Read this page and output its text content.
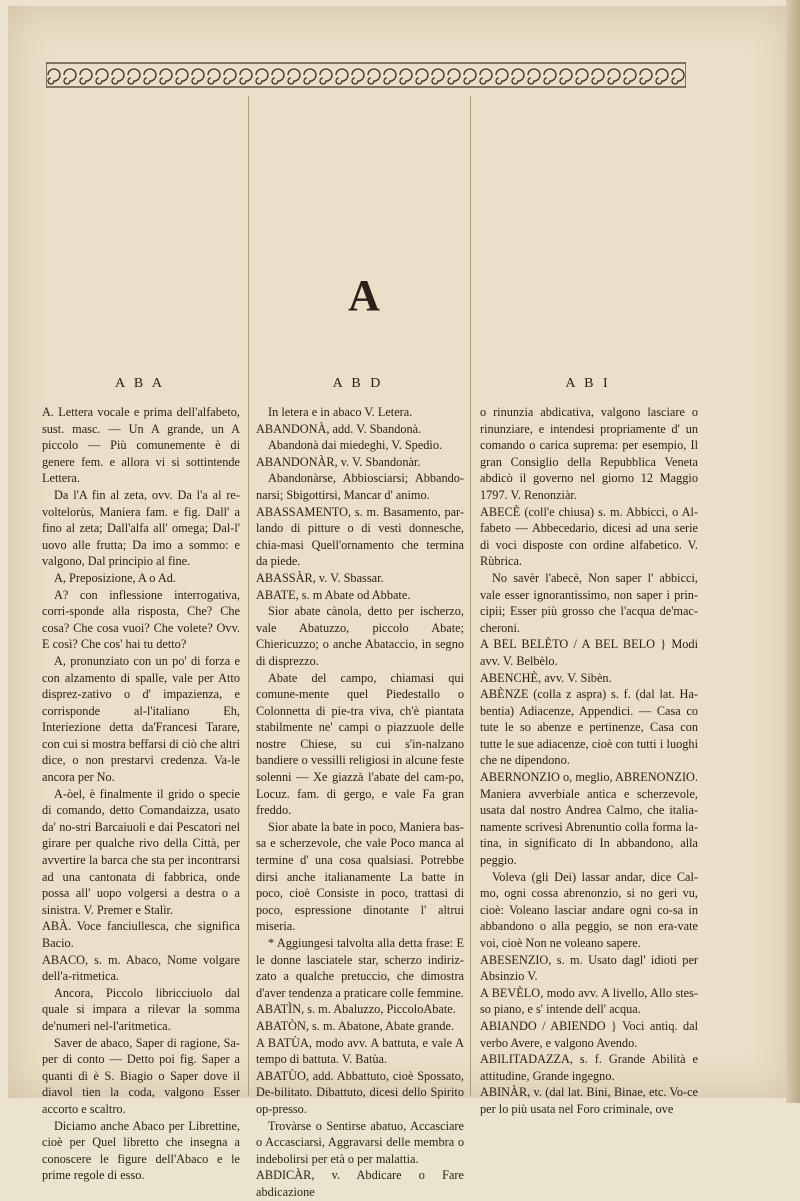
A
A B A	A B D	A B I

A. Lettera vocale e prima dell'alfabeto, sust. masc. — Un A grande, un A piccolo — Più comunemente è di genere fem. e allora vi si sottintende Lettera.

Da l'A fin al zeta, ovv. Da l'a al re-voltelorùs, Maniera fam. e fig. Dall' a fino al zeta; Dall'alfa all' omega; Dal-l' uovo alle frutta; Da imo a sommo: e valgono, Dal principio al fine.

A, Preposizione, A o Ad.

A? con inflessione interrogativa, corri-sponde alla risposta, Che? Che cosa? Che cosa vuoi? Che volete? Ovv. E così? Che cos' hai tu detto?

A, pronunziato con un po' di forza e con alzamento di spalle, vale per Atto disprez-zativo o d' impazienza, e corrisponde al-l'italiano Eh, Interiezione detta da'Francesi Tarare, con cui si mostra beffarsi di ciò che altri dice, o non prestarvi credenza. Va-le ancora per No.

A-òel, è finalmente il grido o specie di comando, detto Comandaizza, usato da' no-stri Barcaiuoli e dai Pescatori nel girare per qualche rivo della Città, per avvertire la barca che sta per incontrarsi ad una cantonata di fabbrica, onde possa all' uopo volgersi a destra o a sinistra. V. Premer e Stalìr.

ABÀ. Voce fanciullesca, che significa Bacio.

ABACO, s. m. Abaco, Nome volgare dell'a-ritmetica.

Ancora, Piccolo libricciuolo dal quale si impara a rilevar la somma de'numeri nel-l'aritmetica.

Saver de abaco, Saper di ragione, Sa-per di conto — Detto poi fig. Saper a quanti dì è S. Biagio o Saper dove il diavol tien la coda, valgono Esser accorto e scaltro.

Diciamo anche Abaco per Librettine, cioè per Quel libretto che insegna a conoscere le figure dell'Abaco e le prime regole di esso.

In letera e in abaco V. Letera.

ABANDONÀ, add. V. Sbandonà.

Abandonà dai miedeghi, V. Spedìo.

ABANDONÀR, v. V. Sbandonàr.

Abandonàrse, Abbiosciarsi; Abbando-narsi; Sbigottirsi, Mancar d' animo.

ABASSAMENTO, s. m. Basamento, par-lando di pitture o di vesti donnesche, chia-masi Quell'ornamento che termina da piede.

ABASSÀR, v. V. Sbassar.

ABATE, s. m Abate od Abbate.

Sior abate cànola, detto per ischerzo, vale Abatuzzo, piccolo Abate; Chiericuzzo; o anche Abataccio, in segno di disprezzo.

Abate del campo, chiamasi qui comune-mente quel Piedestallo o Colonnetta di pie-tra viva, ch'è piantata stabilmente ne' campi o piazzuole delle nostre Chiese, su cui s'in-nalzano bandiere o vessilli religiosi in alcune feste solenni — Xe giazzà l'abate del cam-po, Locuz. fam. di gergo, e vale Fa gran freddo.

Sior abate la bate in poco, Maniera bas-sa e scherzevole, che vale Poco manca al termine d' una cosa qualsiasi. Potrebbe dirsi anche italianamente La batte in poco, cioè Consiste in poco, trattasi di poco, espressione dinotante l' altrui miseria.

* Aggiungesi talvolta alla detta frase: E le donne lasciatele star, scherzo indiriz-zato a qualche pretuccio, che dimostra d'aver tendenza a praticare colle femmine.

ABATÌN, s. m. Abaluzzo, PiccoloAbate.

ABATÒN, s. m. Abatone, Abate grande.

A BATÙA, modo avv. A battuta, e vale A tempo di battuta. V. Batùa.

ABATÙO, add. Abbattuto, cioè Spossato, De-bilitato. Dibattuto, dicesi dello Spirito op-presso.

Trovàrse o Sentirse abatuo, Accasciare o Accasciarsi, Aggravarsi delle membra o indebolirsi per età o per malattia.

ABDICÀR, v. Abdicare o Fare abdicazione

o rinunzia abdicativa, valgono lasciare o rinunziare, e intendesi propriamente d' un comando o carica suprema: per esempio, Il gran Consiglio della Repubblica Veneta abdicò il governo nel giorno 12 Maggio 1797. V. Renonziàr.

ABECÈ (coll'e chiusa) s. m. Abbicci, o Al-fabeto — Abbecedario, dicesi ad una serie di voci disposte con ordine alfabetico. V. Rùbrica.

No savèr l'abecè, Non saper l' abbicci, vale esser ignorantissimo, non saper i prin-cipii; Esser più grosso che l'acqua de'mac-cheroni.

A BEL BELÈTO / A BEL BELO } Modi avv. V. Belbèlo.

ABENCHÈ, avv. V. Sibèn.

ABÈNZE (colla z aspra) s. f. (dal lat. Ha-bentia) Adiacenze, Appendici. — Casa co tute le so abenze e pertinenze, Casa con tutte le sue adiacenze, cioè con tutti i luoghi che ne dipendono.

ABERNONZIO o, meglio, ABRENONZIO. Maniera avverbiale antica e scherzevole, usata dal nostro Andrea Calmo, che italia-namente scrivesi Abrenuntio colla forma la-tina, in significato di In abbandono, alla peggio.

Voleva (gli Dei) lassar andar, dice Cal-mo, ogni cossa abrenonzio, si no geri vu, cioè: Voleano lasciar andare ogni co-sa in abbandono o alla peggio, se non era-vate voi, cioè Non ne voleano sapere.

ABESENZIO, s. m. Usato dagl' idioti per Absinzio V.

A BEVÈLO, modo avv. A livello, Allo stes-so piano, e s' intende dell' acqua.

ABIANDO / ABIENDO } Voci antiq. dal verbo Avere, e valgono Avendo.

ABILITADAZZA, s. f. Grande Abilità e attitudine, Grande ingegno.

ABINÀR, v. (dal lat. Bini, Binae, etc. Vo-ce per lo più usata nel Foro criminale, ove
